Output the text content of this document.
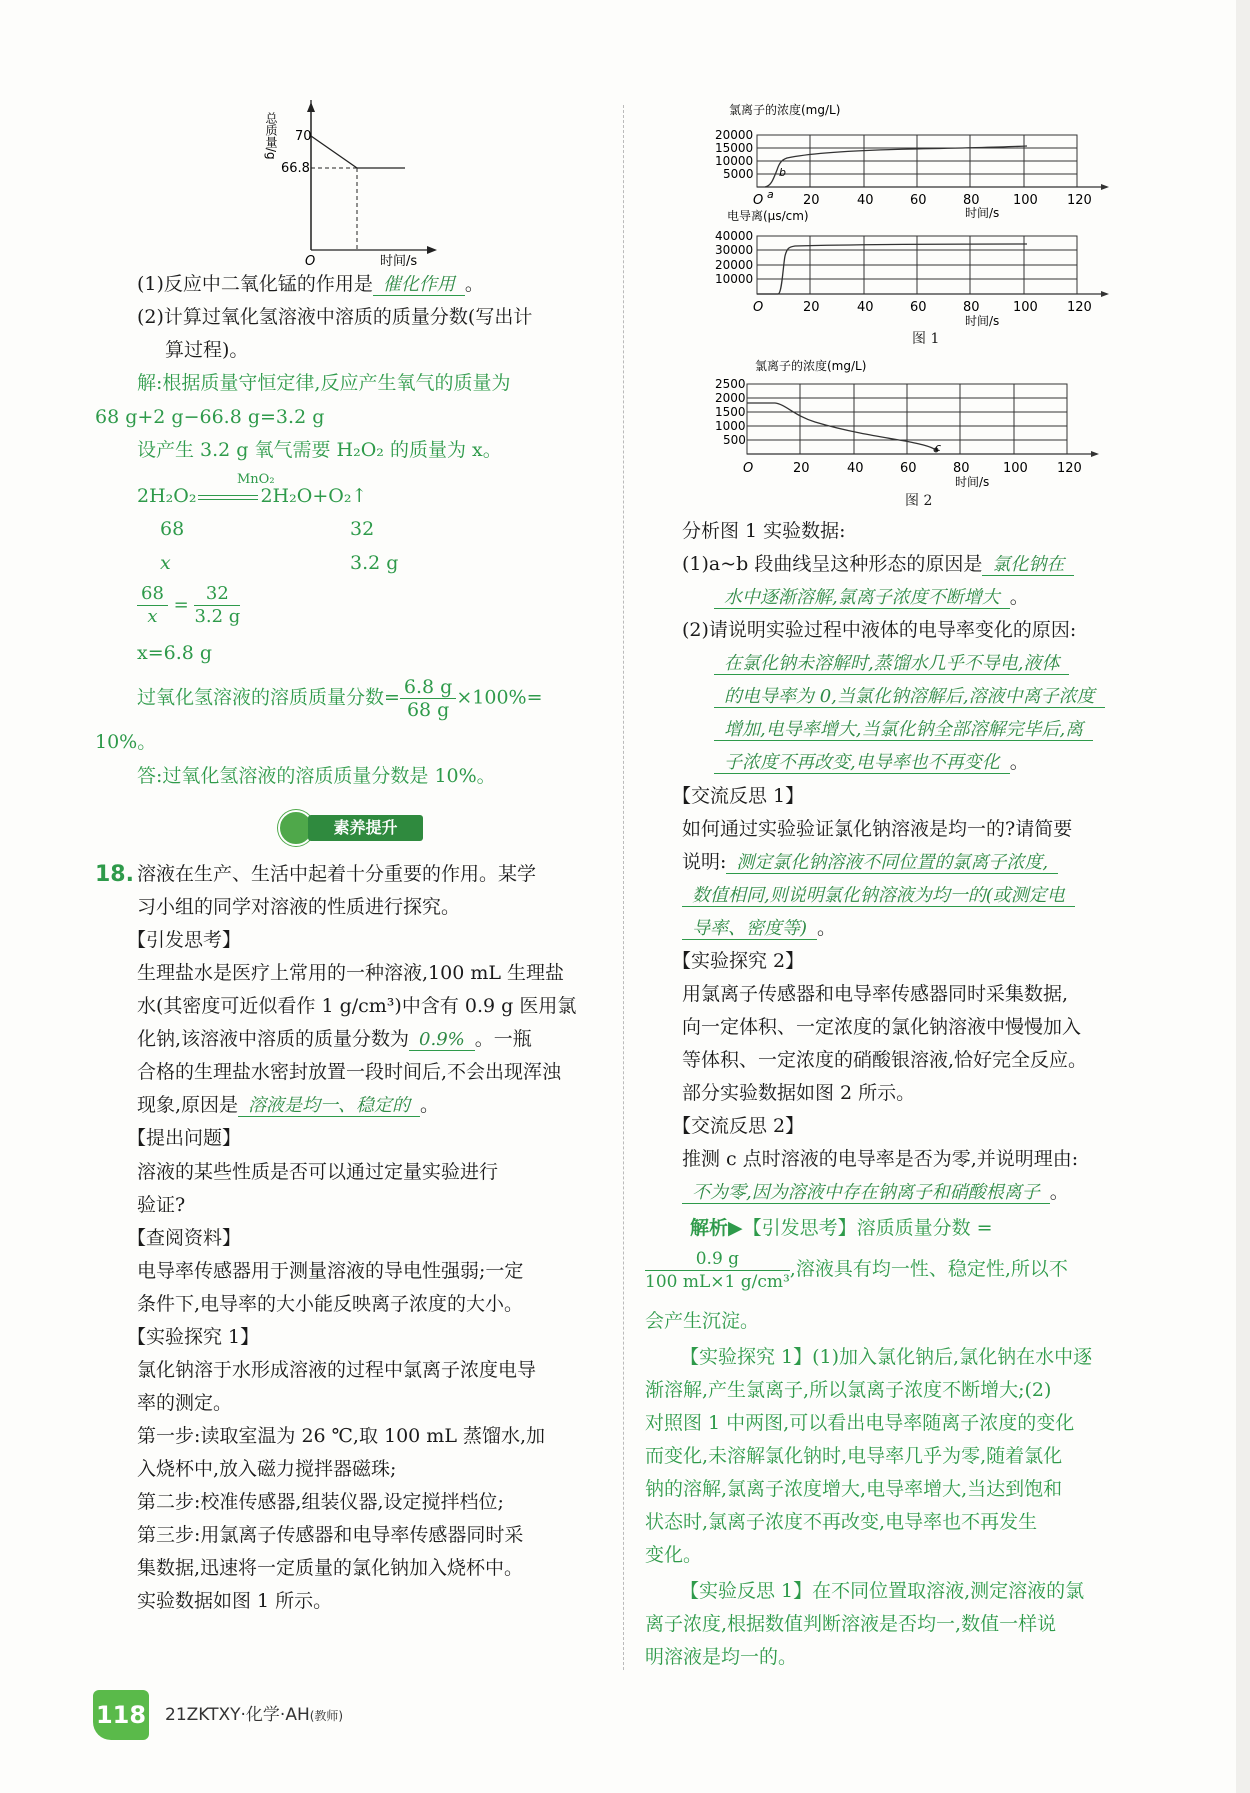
总质量/g 70
66.8
O	时间/s
(1)反应中二氧化锰的作用是 催化作用 。
(2)计算过氧化氢溶液中溶质的质量分数(写出计
算过程)。
解:根据质量守恒定律,反应产生氧气的质量为
68 g+2 g−66.8 g=3.2 g
设产生 3.2 g 氧气需要 H₂O₂ 的质量为 x。
MnO₂
2H₂O₂	2H₂O+O₂↑
68	32
x	3.2 g
$\frac{68}{x} = \frac{32}{3.2 g}$
x=6.8 g
过氧化氢溶液的溶质质量分数= $\frac{6.8 g}{68 g} \times 100\%=$
10%。
答:过氧化氢溶液的溶质质量分数是 10%。
素养提升
18. 溶液在生产、生活中起着十分重要的作用。某学
习小组的同学对溶液的性质进行探究。
【引发思考】
生理盐水是医疗上常用的一种溶液,100 mL 生理盐
水(其密度可近似看作 1 g/cm³)中含有 0.9 g 医用氯
化钠,该溶液中溶质的质量分数为 0.9% 。一瓶
合格的生理盐水密封放置一段时间后,不会出现浑浊
现象,原因是 溶液是均一、稳定的 。
【提出问题】
溶液的某些性质是否可以通过定量实验进行
验证?
【查阅资料】
电导率传感器用于测量溶液的导电性强弱;一定
条件下,电导率的大小能反映离子浓度的大小。
【实验探究 1】
氯化钠溶于水形成溶液的过程中氯离子浓度电导
率的测定。
第一步:读取室温为 26 ℃,取 100 mL 蒸馏水,加
入烧杯中,放入磁力搅拌器磁珠;
第二步:校准传感器,组装仪器,设定搅拌档位;
第三步:用氯离子传感器和电导率传感器同时采
集数据,迅速将一定质量的氯化钠加入烧杯中。
实验数据如图 1 所示。
氯离子的浓度(mg/L)
20000
15000
10000
5000
a
b
O	20	40	60	80	100 120
时间/s
电导离(μs/cm)
40000
30000
20000
10000
O	20	40	60	80	100 120
时间/s
图 1
氯离子的浓度(mg/L)
2500
2000
1500
1000
500
c
O	20	40	60	80	100 120
时间/s
图 2
分析图 1 实验数据:
(1)a~b 段曲线呈这种形态的原因是 氯化钠在
水中逐渐溶解,氯离子浓度不断增大 。
(2)请说明实验过程中液体的电导率变化的原因:
在氯化钠未溶解时,蒸馏水几乎不导电,液体
的电导率为 0,当氯化钠溶解后,溶液中离子浓度
增加,电导率增大,当氯化钠全部溶解完毕后,离
子浓度不再改变,电导率也不再变化 。
【交流反思 1】
如何通过实验验证氯化钠溶液是均一的?请简要
说明: 测定氯化钠溶液不同位置的氯离子浓度,
数值相同,则说明氯化钠溶液为均一的(或测定电
导率、密度等) 。
【实验探究 2】
用氯离子传感器和电导率传感器同时采集数据,
向一定体积、一定浓度的氯化钠溶液中慢慢加入
等体积、一定浓度的硝酸银溶液,恰好完全反应。
部分实验数据如图 2 所示。
【交流反思 2】
推测 c 点时溶液的电导率是否为零,并说明理由:
不为零,因为溶液中存在钠离子和硝酸根离子 。
解析▶【引发思考】溶质质量分数 =
$\frac{0.9 g}{\text{100 mL×1 g/cm³}}$ ,溶液具有均一性、稳定性,所以不
会产生沉淀。
【实验探究 1】(1)加入氯化钠后,氯化钠在水中逐
渐溶解,产生氯离子,所以氯离子浓度不断增大;(2)
对照图 1 中两图,可以看出电导率随离子浓度的变化
而变化,未溶解氯化钠时,电导率几乎为零,随着氯化
钠的溶解,氯离子浓度增大,电导率增大,当达到饱和
状态时,氯离子浓度不再改变,电导率也不再发生
变化。
【实验反思 1】在不同位置取溶液,测定溶液的氯
离子浓度,根据数值判断溶液是否均一,数值一样说
明溶液是均一的。
118 21ZKTXY·化学·AH(教师)
